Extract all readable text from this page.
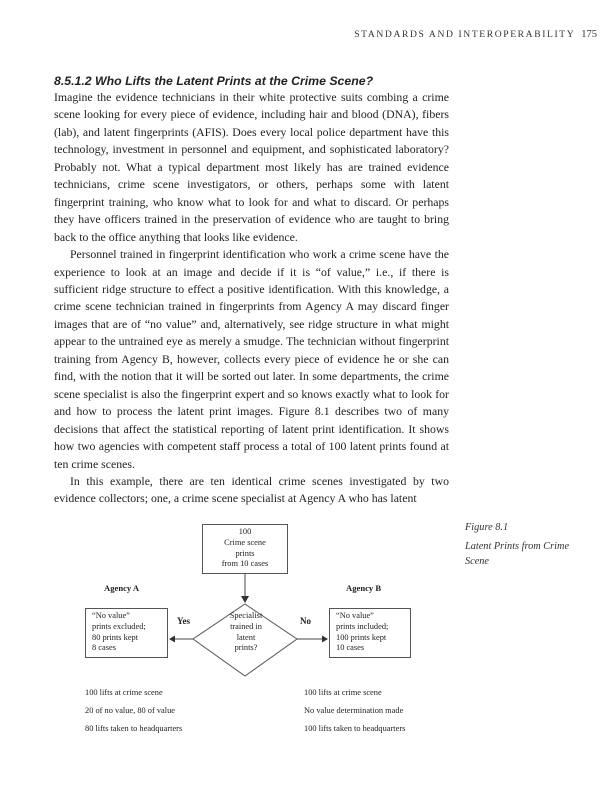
STANDARDS AND INTEROPERABILITY 175
8.5.1.2 Who Lifts the Latent Prints at the Crime Scene?

Imagine the evidence technicians in their white protective suits combing a crime scene looking for every piece of evidence, including hair and blood (DNA), fibers (lab), and latent fingerprints (AFIS). Does every local police department have this technology, investment in personnel and equipment, and sophisticated laboratory? Probably not. What a typical department most likely has are trained evidence technicians, crime scene investigators, or others, perhaps some with latent fingerprint training, who know what to look for and what to discard. Or perhaps they have officers trained in the preservation of evidence who are taught to bring back to the office anything that looks like evidence.

Personnel trained in fingerprint identification who work a crime scene have the experience to look at an image and decide if it is “of value,” i.e., if there is sufficient ridge structure to effect a positive identification. With this knowledge, a crime scene technician trained in fingerprints from Agency A may discard finger images that are of “no value” and, alternatively, see ridge structure in what might appear to the untrained eye as merely a smudge. The technician without fingerprint training from Agency B, however, collects every piece of evidence he or she can find, with the notion that it will be sorted out later. In some departments, the crime scene specialist is also the fingerprint expert and so knows exactly what to look for and how to process the latent print images. Figure 8.1 describes two of many decisions that affect the statistical reporting of latent print identification. It shows how two agencies with competent staff process a total of 100 latent prints found at ten crime scenes.

In this example, there are ten identical crime scenes investigated by two evidence collectors; one, a crime scene specialist at Agency A who has latent

Figure 8.1
Latent Prints from Crime Scene
100
Crime scene
prints
from 10 cases
Agency A	Agency B
“No value”
prints excluded;
80 prints kept
8 cases
“No value”
prints included;
100 prints kept
10 cases
Specialist
trained in
latent
prints?
Yes	No
100 lifts at crime scene
20 of no value, 80 of value
80 lifts taken to headquarters
100 lifts at crime scene
No value determination made
100 lifts taken to headquarters
